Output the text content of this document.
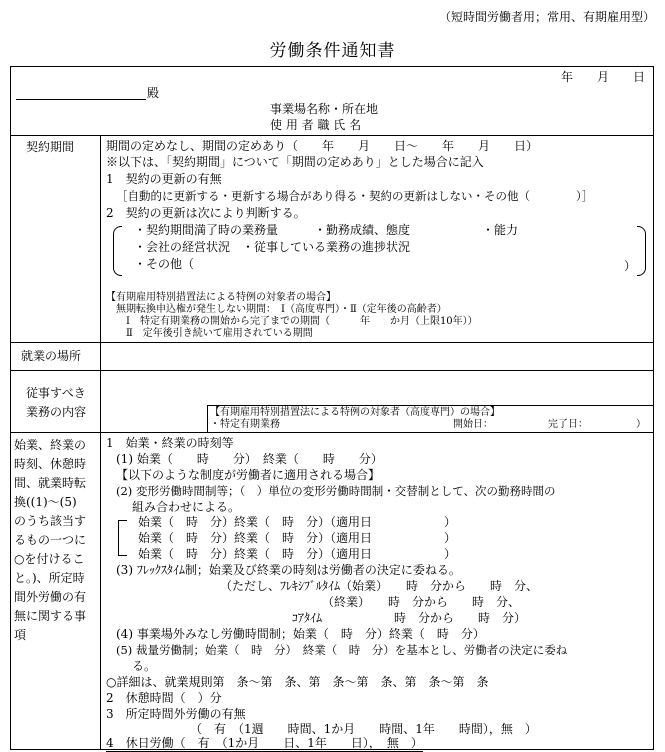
（短時間労働者用；常用、有期雇用型）
労働条件通知書
年　　月　　日
殿
事業場名称・所在地
使 用 者 職 氏 名
契約期間	期間の定めなし、期間の定めあり（　　年　　月　　日～　　年　　月　　日）
※以下は、「契約期間」について「期間の定めあり」とした場合に記入
1　契約の更新の有無
［自動的に更新する・更新する場合があり得る・契約の更新はしない・その他（　　　　）］
2　契約の更新は次により判断する。
・契約期間満了時の業務量　　　・勤務成績、態度　　　　　　・能力
・会社の経営状況　・従事している業務の進捗状況
・その他（	）
【有期雇用特別措置法による特例の対象者の場合】
無期転換申込権が発生しない期間：　Ⅰ（高度専門）・Ⅱ（定年後の高齢者）
Ⅰ　特定有期業務の開始から完了までの期間（　　　年　　か月（上限10年））
Ⅱ　定年後引き続いて雇用されている期間
就業の場所
従事すべき
業務の内容	【有期雇用特別措置法による特例の対象者（高度専門）の場合】
・特定有期業務	開始日：	完了日：	）
始業、終業の
時刻、休憩時
間、就業時転
換((1)～(5)
のうち該当す
るもの一つに
○を付けるこ
と。)、所定時
間外労働の有
無に関する事
項
1　始業・終業の時刻等
(1) 始業（　　時　　分）　終業（　　時　　分）
【以下のような制度が労働者に適用される場合】
(2) 変形労働時間制等；（　）単位の変形労働時間制・交替制として、次の勤務時間の
組み合わせによる。
始業（　時　分）終業（　時　分）（適用日　　　　　　）
始業（　時　分）終業（　時　分）（適用日　　　　　　）
始業（　時　分）終業（　時　分）（適用日　　　　　　）
(3) ﾌﾚｯｸｽﾀｲﾑ制；始業及び終業の時刻は労働者の決定に委ねる。
（ただし、ﾌﾚｷｼﾌﾞﾙﾀｲﾑ（始業）　　時　分から　　時　分、
　　　　　　　　　（終業）　　時　分から　　時　分、
　　　　　　ｺｱﾀｲﾑ　　　　　　時　分から　　時　分）
(4) 事業場外みなし労働時間制；始業（　時　分）終業（　時　分）
(5) 裁量労働制；始業（　時　分）　終業（　時　分）を基本とし、労働者の決定に委ね
る。
○詳細は、就業規則第　条～第　条、第　条～第　条、第　条～第　条
2　休憩時間（　）分
3　所定時間外労働の有無
（　有　（1週　　時間、1か月　　時間、1年　　時間），無　）
4　休日労働（　有　（1か月　　日、1年　　日），　無　）
